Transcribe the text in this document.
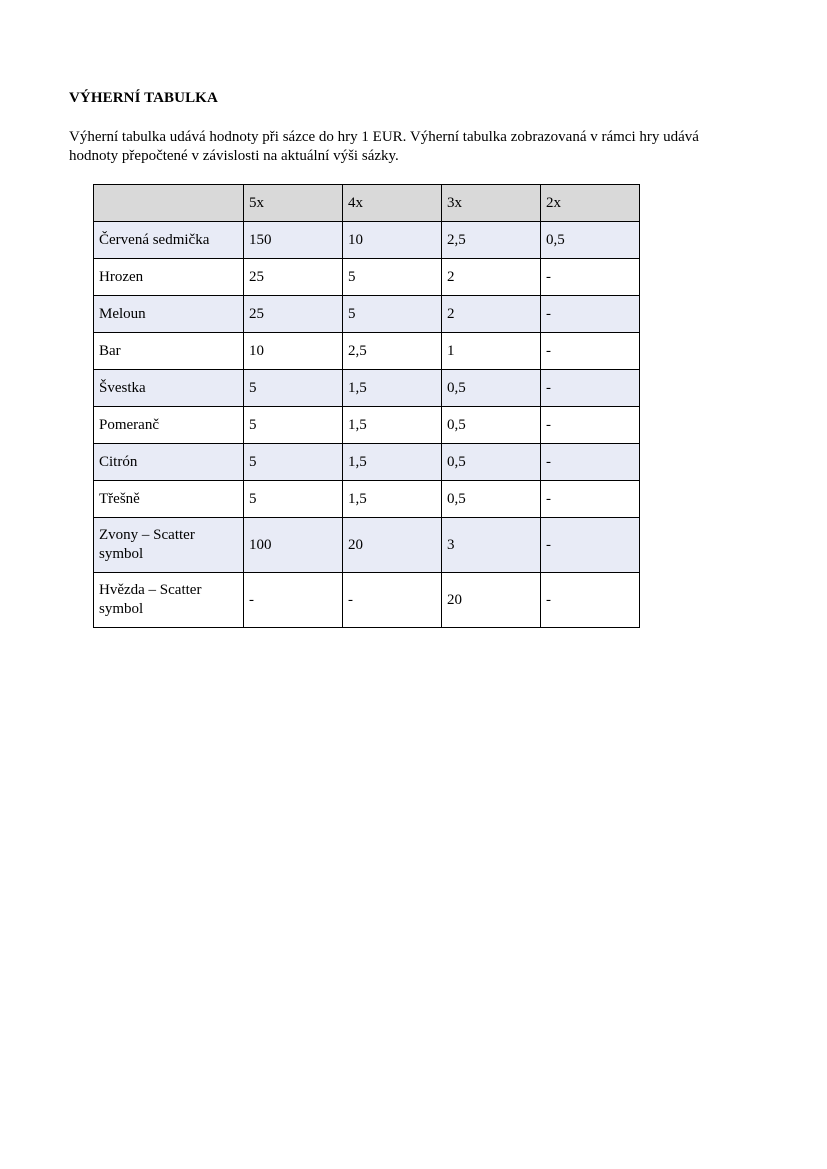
VÝHERNÍ TABULKA

Výherní tabulka udává hodnoty při sázce do hry 1 EUR. Výherní tabulka zobrazovaná v rámci hry udává hodnoty přepočtené v závislosti na aktuální výši sázky.

	5x	4x	3x	2x
Červená sedmička	150	10	2,5	0,5
Hrozen	25	5	2	-
Meloun	25	5	2	-
Bar	10	2,5	1	-
Švestka	5	1,5	0,5	-
Pomeranč	5	1,5	0,5	-
Citrón	5	1,5	0,5	-
Třešně	5	1,5	0,5	-
Zvony – Scatter symbol	100	20	3	-
Hvězda – Scatter symbol	-	-	20	-
